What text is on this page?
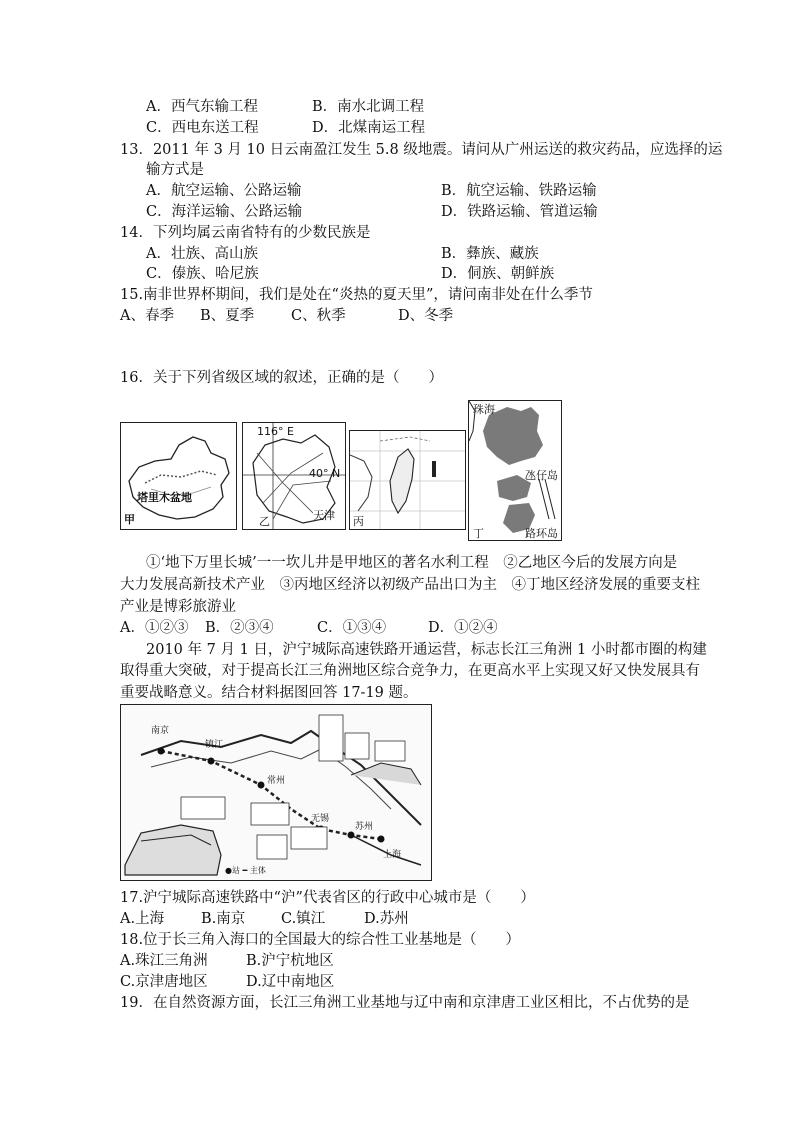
A．西气东输工程	B．南水北调工程
C．西电东送工程	D．北煤南运工程
13．2011 年 3 月 10 日云南盈江发生 5.8 级地震。请问从广州运送的救灾药品，应选择的运
输方式是
A．航空运输、公路运输	B．航空运输、铁路运输
C．海洋运输、公路运输	D．铁路运输、管道运输
14．下列均属云南省特有的少数民族是
A．壮族、高山族	B．彝族、藏族
C．傣族、哈尼族	D．侗族、朝鲜族
15.南非世界杯期间，我们是处在“炎热的夏天里”，请问南非处在什么季节
A、春季 B、夏季	C、秋季	D、冬季
16．关于下列省级区域的叙述，正确的是（　　）
塔里木盆地
甲
116° E
40° N
天津
乙	丙
珠海
氹仔岛
路环岛
丁
①‘地下万里长城’一一坎儿井是甲地区的著名水利工程　②乙地区今后的发展方向是
大力发展高新技术产业　③丙地区经济以初级产品出口为主　④丁地区经济发展的重要支柱
产业是博彩旅游业
A．①②③ B．②③④	C．①③④	D．①②④
2010 年 7 月 1 日，沪宁城际高速铁路开通运营，标志长江三角洲 1 小时都市圈的构建
取得重大突破，对于提高长江三角洲地区综合竞争力，在更高水平上实现又好又快发展具有
重要战略意义。结合材料据图回答 17-19 题。
南京
镇江
常州
无锡
苏州
上海
●站 ━ 主体
17.沪宁城际高速铁路中“沪”代表省区的行政中心城市是（　　）
A.上海	B.南京 C.镇江	D.苏州
18.位于长三角入海口的全国最大的综合性工业基地是（　　）
A.珠江三角洲	B.沪宁杭地区
C.京津唐地区	D.辽中南地区
19．在自然资源方面，长江三角洲工业基地与辽中南和京津唐工业区相比，不占优势的是
